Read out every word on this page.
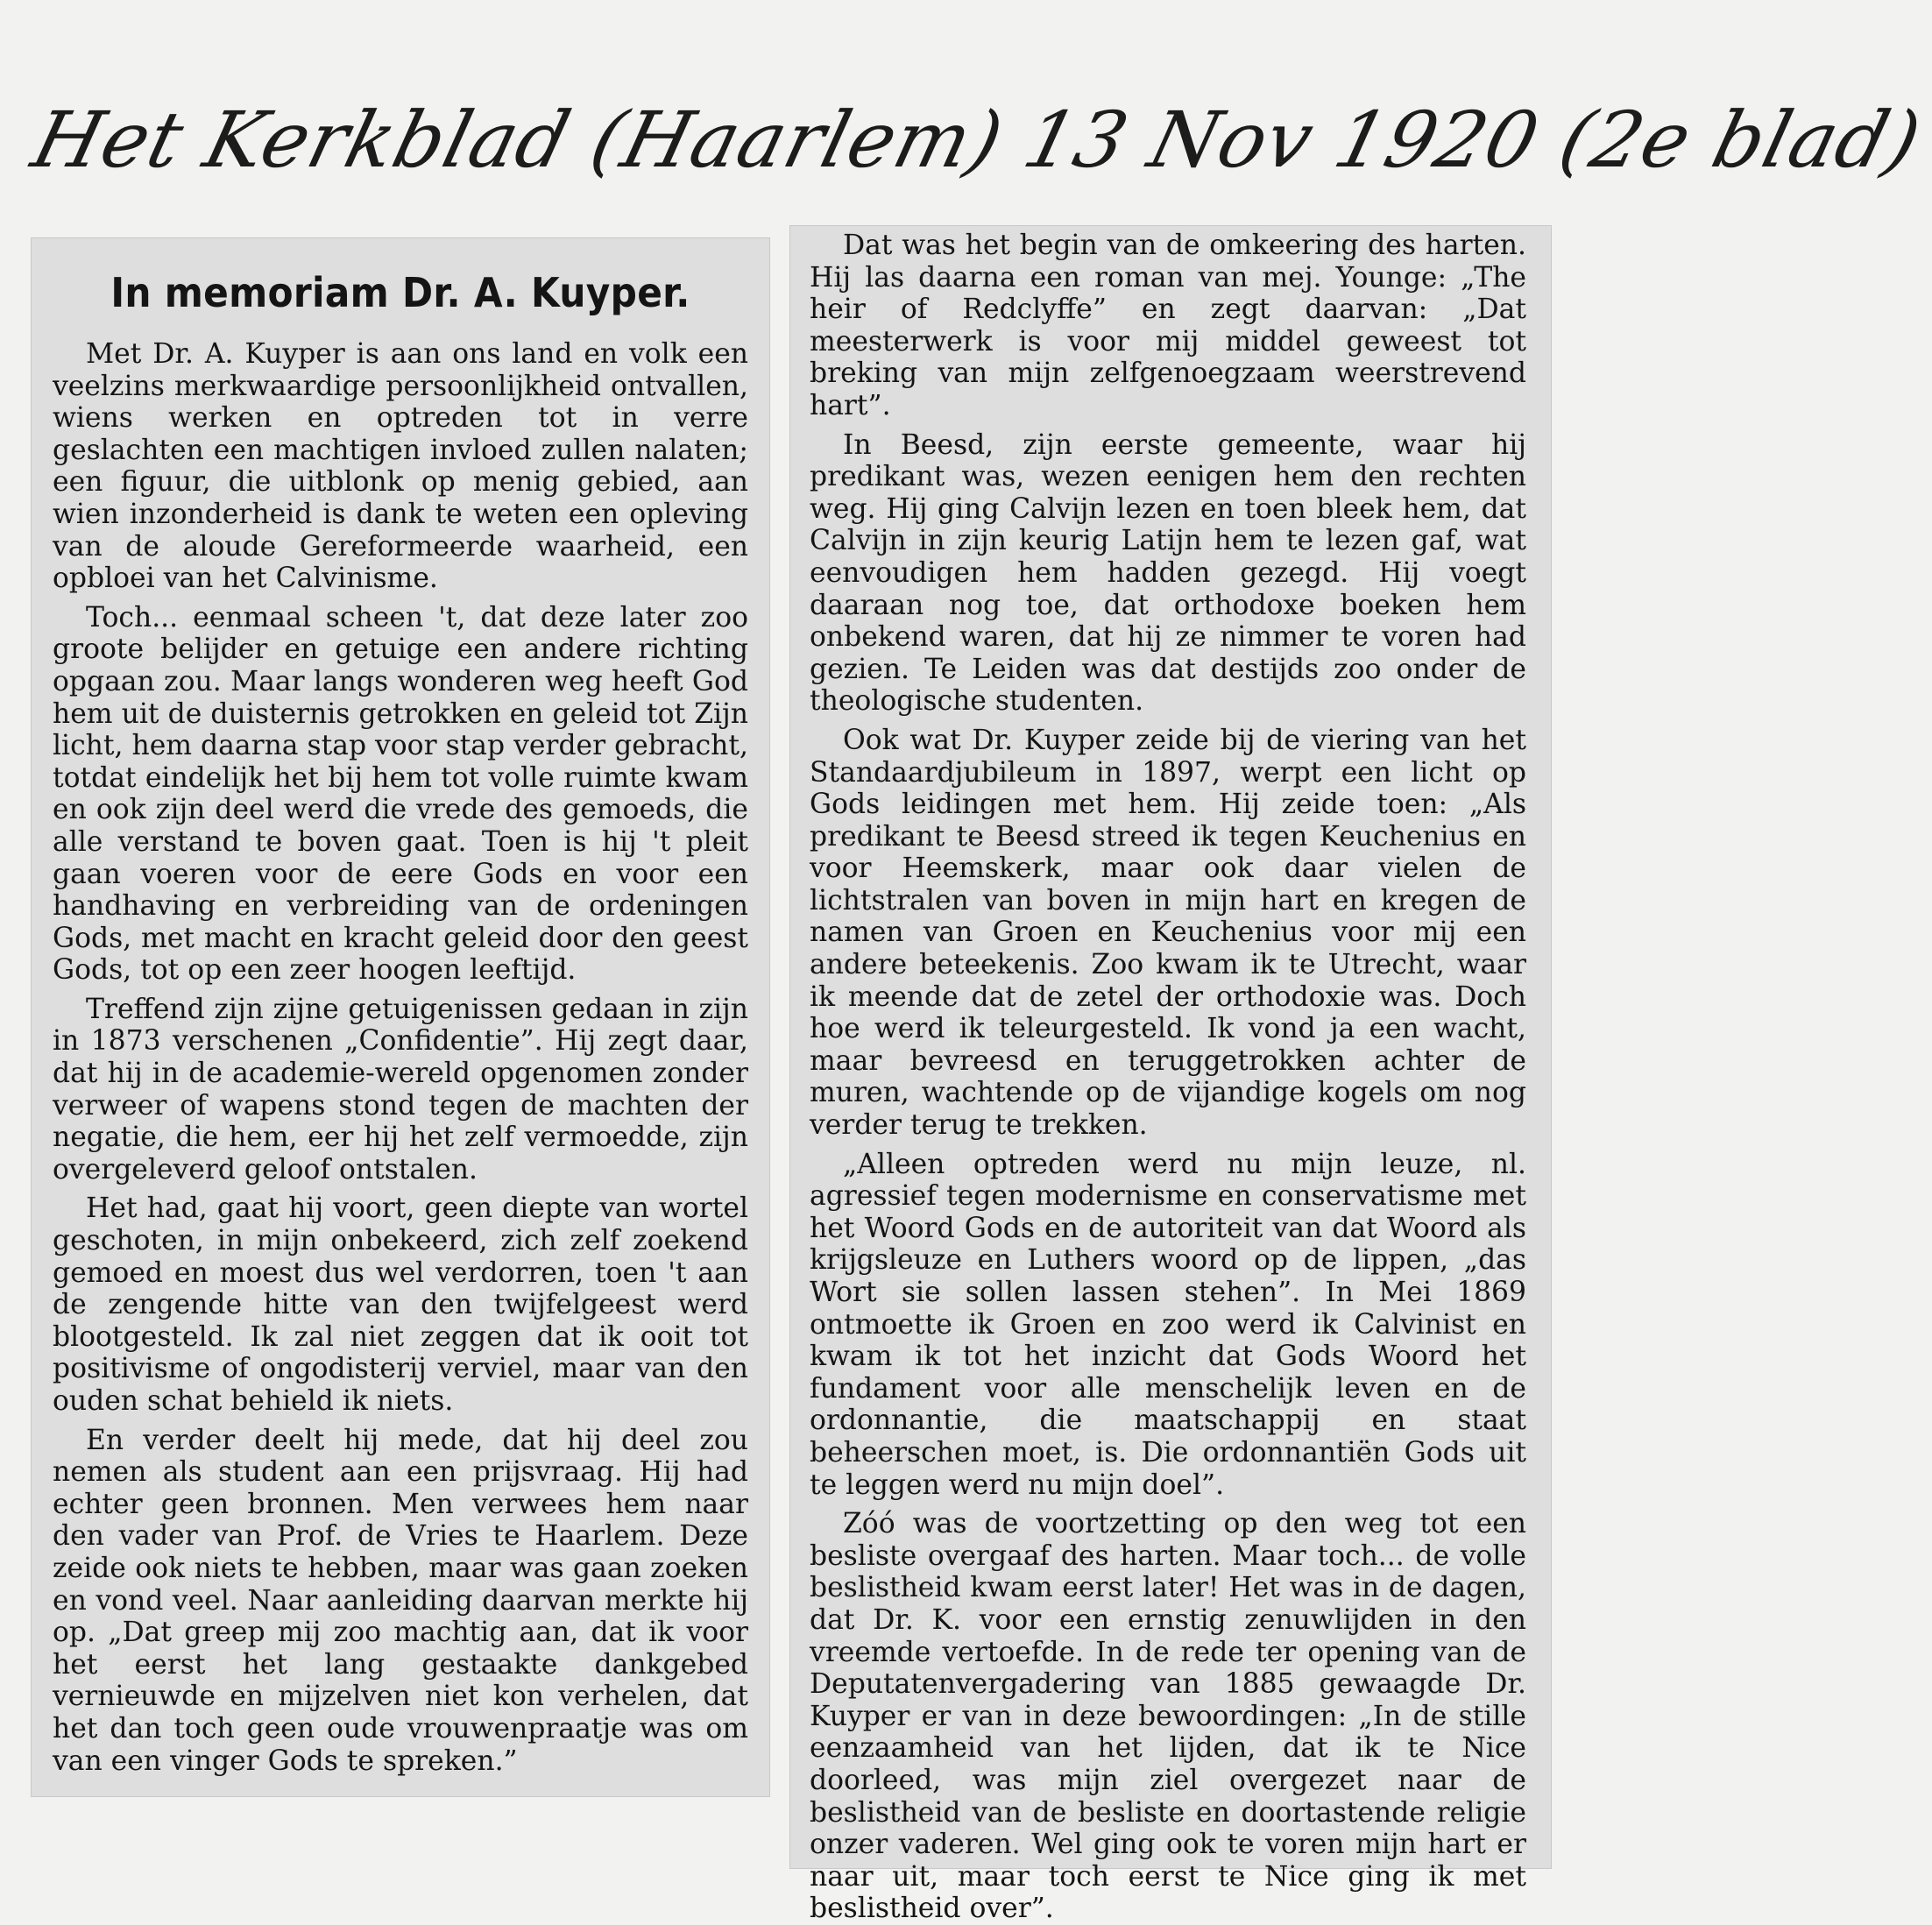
Het Kerkblad (Haarlem) 13 Nov 1920 (2e blad)
In memoriam Dr. A. Kuyper.

Met Dr. A. Kuyper is aan ons land en volk een veelzins merkwaardige persoonlijkheid ontvallen, wiens werken en optreden tot in verre geslachten een machtigen invloed zullen nalaten; een figuur, die uitblonk op menig gebied, aan wien inzonderheid is dank te weten een opleving van de aloude Gereformeerde waarheid, een opbloei van het Calvinisme.

Toch... eenmaal scheen 't, dat deze later zoo groote belijder en getuige een andere richting opgaan zou. Maar langs wonderen weg heeft God hem uit de duisternis getrokken en geleid tot Zijn licht, hem daarna stap voor stap verder gebracht, totdat eindelijk het bij hem tot volle ruimte kwam en ook zijn deel werd die vrede des gemoeds, die alle verstand te boven gaat. Toen is hij 't pleit gaan voeren voor de eere Gods en voor een handhaving en verbreiding van de ordeningen Gods, met macht en kracht geleid door den geest Gods, tot op een zeer hoogen leeftijd.

Treffend zijn zijne getuigenissen gedaan in zijn in 1873 verschenen „Confidentie”. Hij zegt daar, dat hij in de academie-wereld opgenomen zonder verweer of wapens stond tegen de machten der negatie, die hem, eer hij het zelf vermoedde, zijn overgeleverd geloof ontstalen.

Het had, gaat hij voort, geen diepte van wortel geschoten, in mijn onbekeerd, zich zelf zoekend gemoed en moest dus wel verdorren, toen 't aan de zengende hitte van den twijfelgeest werd blootgesteld. Ik zal niet zeggen dat ik ooit tot positivisme of ongodisterij verviel, maar van den ouden schat behield ik niets.

En verder deelt hij mede, dat hij deel zou nemen als student aan een prijsvraag. Hij had echter geen bronnen. Men verwees hem naar den vader van Prof. de Vries te Haarlem. Deze zeide ook niets te hebben, maar was gaan zoeken en vond veel. Naar aanleiding daarvan merkte hij op. „Dat greep mij zoo machtig aan, dat ik voor het eerst het lang gestaakte dankgebed vernieuwde en mijzelven niet kon verhelen, dat het dan toch geen oude vrouwenpraatje was om van een vinger Gods te spreken.”

Dat was het begin van de omkeering des harten. Hij las daarna een roman van mej. Younge: „The heir of Redclyffe” en zegt daarvan: „Dat meesterwerk is voor mij middel geweest tot breking van mijn zelfgenoegzaam weerstrevend hart”.

In Beesd, zijn eerste gemeente, waar hij predikant was, wezen eenigen hem den rechten weg. Hij ging Calvijn lezen en toen bleek hem, dat Calvijn in zijn keurig Latijn hem te lezen gaf, wat eenvoudigen hem hadden gezegd. Hij voegt daaraan nog toe, dat orthodoxe boeken hem onbekend waren, dat hij ze nimmer te voren had gezien. Te Leiden was dat destijds zoo onder de theologische studenten.

Ook wat Dr. Kuyper zeide bij de viering van het Standaardjubileum in 1897, werpt een licht op Gods leidingen met hem. Hij zeide toen: „Als predikant te Beesd streed ik tegen Keuchenius en voor Heemskerk, maar ook daar vielen de lichtstralen van boven in mijn hart en kregen de namen van Groen en Keuchenius voor mij een andere beteekenis. Zoo kwam ik te Utrecht, waar ik meende dat de zetel der orthodoxie was. Doch hoe werd ik teleurgesteld. Ik vond ja een wacht, maar bevreesd en teruggetrokken achter de muren, wachtende op de vijandige kogels om nog verder terug te trekken.

„Alleen optreden werd nu mijn leuze, nl. agressief tegen modernisme en conservatisme met het Woord Gods en de autoriteit van dat Woord als krijgsleuze en Luthers woord op de lippen, „das Wort sie sollen lassen stehen”. In Mei 1869 ontmoette ik Groen en zoo werd ik Calvinist en kwam ik tot het inzicht dat Gods Woord het fundament voor alle menschelijk leven en de ordonnantie, die maatschappij en staat beheerschen moet, is. Die ordonnantiën Gods uit te leggen werd nu mijn doel”.

Zóó was de voortzetting op den weg tot een besliste overgaaf des harten. Maar toch... de volle beslistheid kwam eerst later! Het was in de dagen, dat Dr. K. voor een ernstig zenuwlijden in den vreemde vertoefde. In de rede ter opening van de Deputatenvergadering van 1885 gewaagde Dr. Kuyper er van in deze bewoordingen: „In de stille eenzaamheid van het lijden, dat ik te Nice doorleed, was mijn ziel overgezet naar de beslistheid van de besliste en doortastende religie onzer vaderen. Wel ging ook te voren mijn hart er naar uit, maar toch eerst te Nice ging ik met beslistheid over”.
